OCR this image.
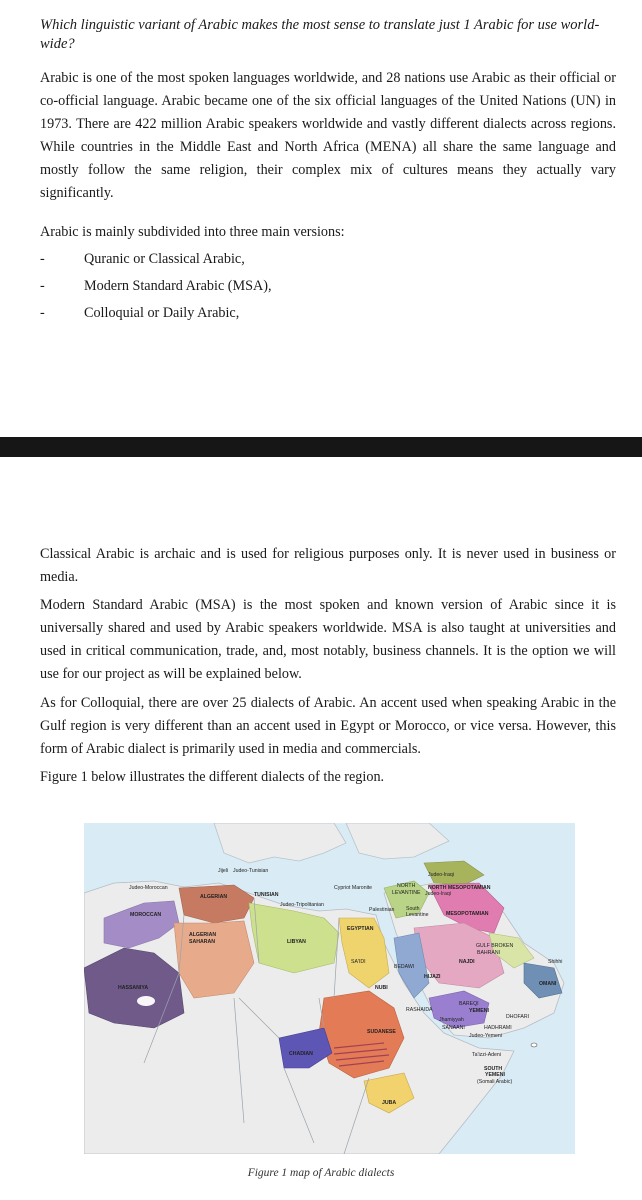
Which linguistic variant of Arabic makes the most sense to translate just 1 Arabic for use world-wide?
Arabic is one of the most spoken languages worldwide, and 28 nations use Arabic as their official or co-official language. Arabic became one of the six official languages of the United Nations (UN) in 1973. There are 422 million Arabic speakers worldwide and vastly different dialects across regions. While countries in the Middle East and North Africa (MENA) all share the same language and mostly follow the same religion, their complex mix of cultures means they actually vary significantly.
Arabic is mainly subdivided into three main versions:
-	Quranic or Classical Arabic,
-	Modern Standard Arabic (MSA),
-	Colloquial or Daily Arabic,
Classical Arabic is archaic and is used for religious purposes only. It is never used in business or media.
Modern Standard Arabic (MSA) is the most spoken and known version of Arabic since it is universally shared and used by Arabic speakers worldwide. MSA is also taught at universities and used in critical communication, trade, and, most notably, business channels. It is the option we will use for our project as will be explained below.
As for Colloquial, there are over 25 dialects of Arabic. An accent used when speaking Arabic in the Gulf region is very different than an accent used in Egypt or Morocco, or vice versa. However, this form of Arabic dialect is primarily used in media and commercials.
Figure 1 below illustrates the different dialects of the region.
Jijeli Judeo-Tunisian
Judeo-Moroccan
ALGERIAN	TUNISIAN
Judeo-Tripolitanian
MOROCCAN
ALGERIAN
SAHARAN	LIBYAN
HASSANIYA
Cypriot Maronite	NORTH
LEVANTINE
Palestinian South
Levantine
EGYPTIAN
Judeo-Iraqi
NORTH MESOPOTAMIAN
Judeo-Iraqi
MESOPOTAMIAN
SA'IDI
BEDAWI
HIJAZI
NAJDI
GULF BROKEN
BAHRANI
Shihhi
OMANI
NUBI
RASHAIDA
BAREQI
YEMENI
DHOFARI
Jhamiyyah
SANAANI	HADHRAMI
Judeo-Yemeni
SUDANESE
CHADIAN	Ta'izzi-Adeni
SOUTH
YEMENI
(Somali Arabic)
JUBA
Figure 1 map of Arabic dialects
